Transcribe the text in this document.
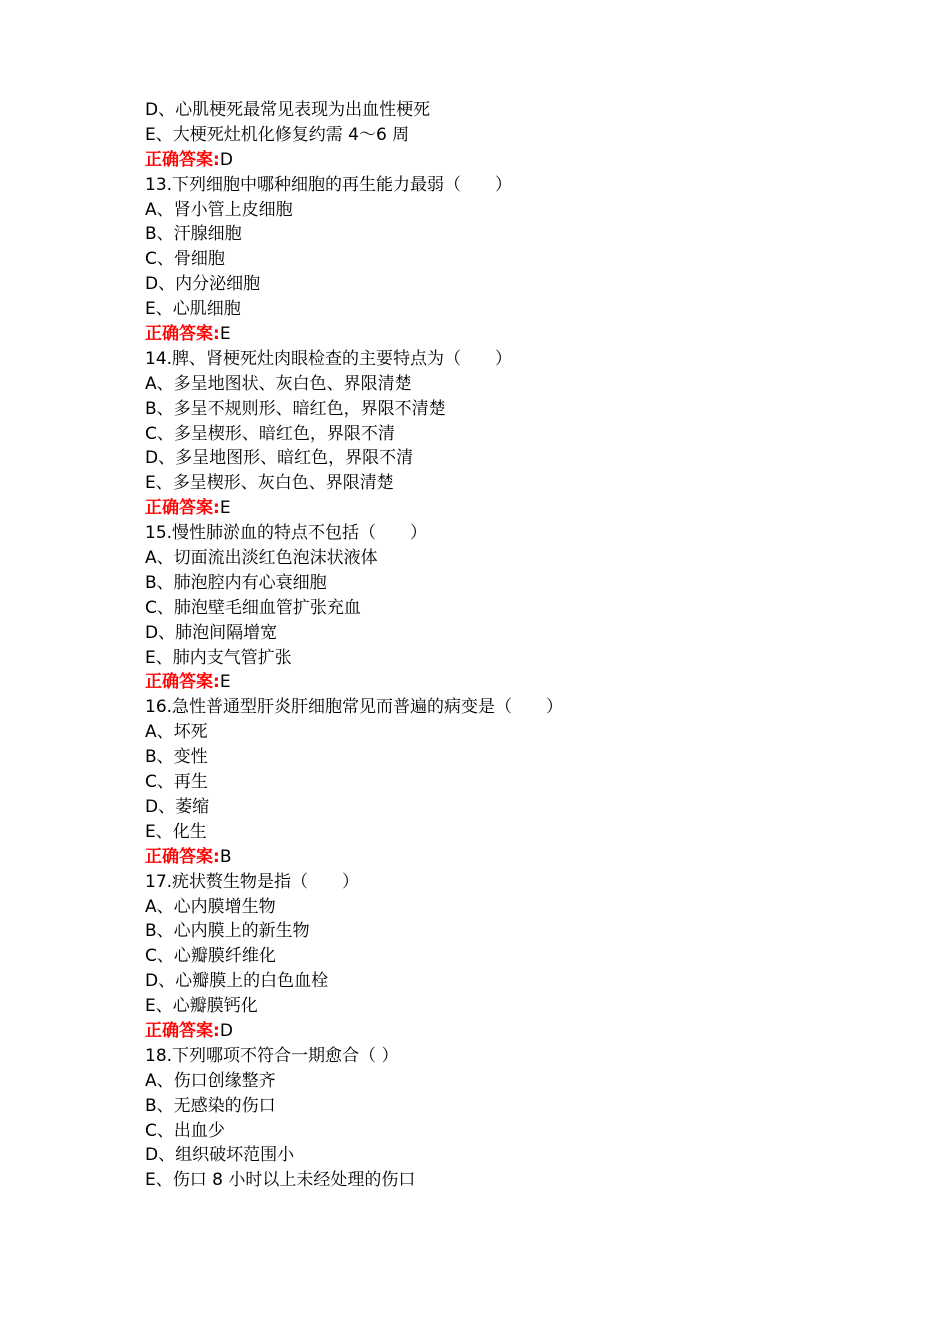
D、心肌梗死最常见表现为出血性梗死
E、大梗死灶机化修复约需 4～6 周
正确答案:D
13.下列细胞中哪种细胞的再生能力最弱（　　）
A、肾小管上皮细胞
B、汗腺细胞
C、骨细胞
D、内分泌细胞
E、心肌细胞
正确答案:E
14.脾、肾梗死灶肉眼检查的主要特点为（　　）
A、多呈地图状、灰白色、界限清楚
B、多呈不规则形、暗红色，界限不清楚
C、多呈楔形、暗红色，界限不清
D、多呈地图形、暗红色，界限不清
E、多呈楔形、灰白色、界限清楚
正确答案:E
15.慢性肺淤血的特点不包括（　　）
A、切面流出淡红色泡沫状液体
B、肺泡腔内有心衰细胞
C、肺泡壁毛细血管扩张充血
D、肺泡间隔增宽
E、肺内支气管扩张
正确答案:E
16.急性普通型肝炎肝细胞常见而普遍的病变是（　　）
A、坏死
B、变性
C、再生
D、萎缩
E、化生
正确答案:B
17.疣状赘生物是指（　　）
A、心内膜增生物
B、心内膜上的新生物
C、心瓣膜纤维化
D、心瓣膜上的白色血栓
E、心瓣膜钙化
正确答案:D
18.下列哪项不符合一期愈合（ ）
A、伤口创缘整齐
B、无感染的伤口
C、出血少
D、组织破坏范围小
E、伤口 8 小时以上未经处理的伤口
